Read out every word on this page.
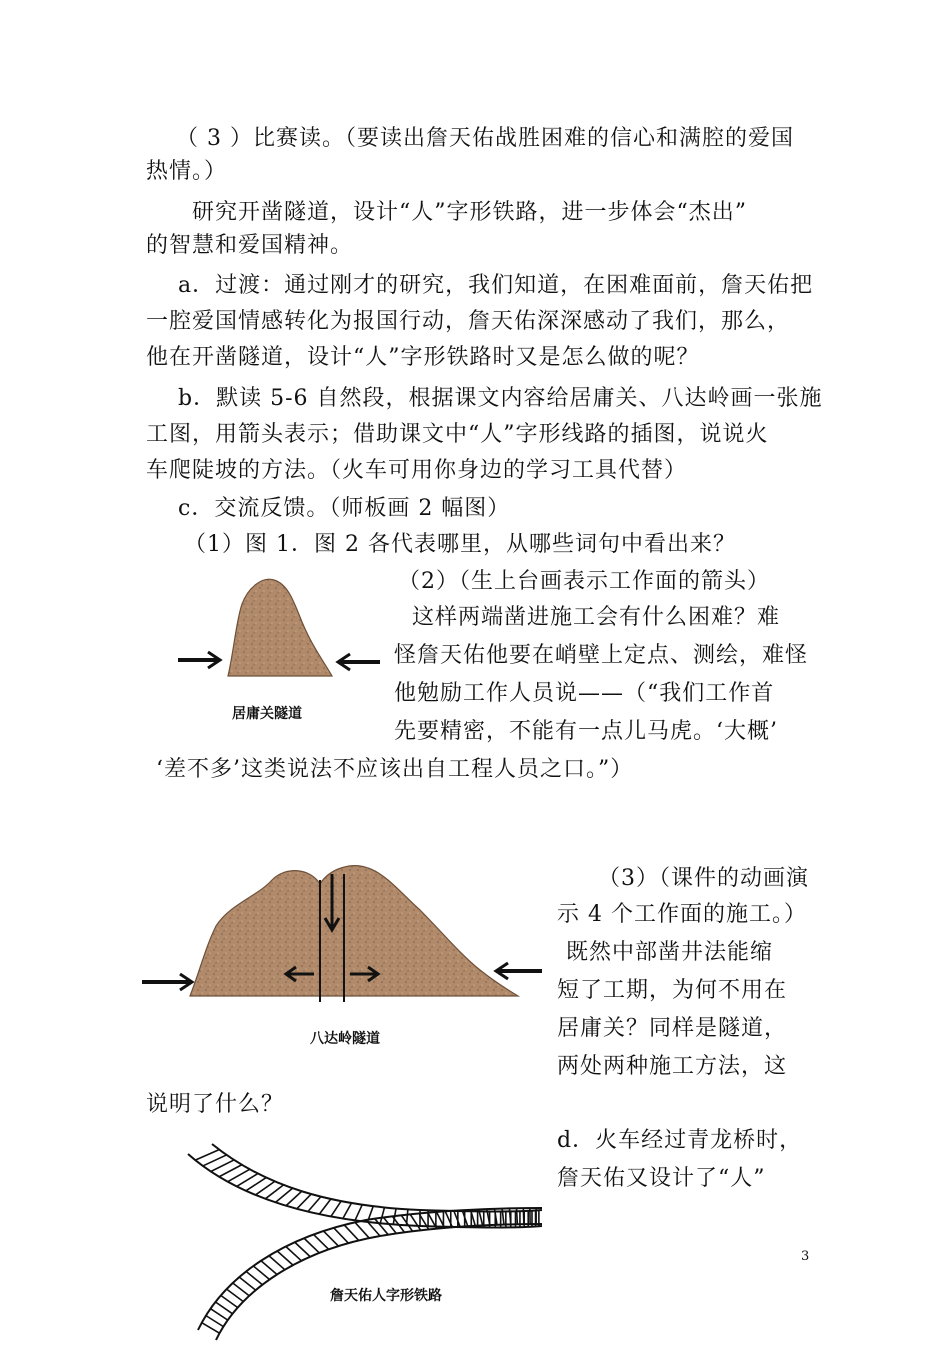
（ 3 ）比赛读。（要读出詹天佑战胜困难的信心和满腔的爱国
热情。）
研究开凿隧道，设计“人”字形铁路，进一步体会“杰出”
的智慧和爱国精神。
a．过渡：通过刚才的研究，我们知道，在困难面前，詹天佑把
一腔爱国情感转化为报国行动，詹天佑深深感动了我们，那么，
他在开凿隧道，设计“人”字形铁路时又是怎么做的呢？
b．默读 5-6 自然段，根据课文内容给居庸关、八达岭画一张施
工图，用箭头表示；借助课文中“人”字形线路的插图，说说火
车爬陡坡的方法。（火车可用你身边的学习工具代替）
c．交流反馈。（师板画 2 幅图）
（1）图 1．图 2 各代表哪里，从哪些词句中看出来？
（2）（生上台画表示工作面的箭头）
这样两端凿进施工会有什么困难？难
怪詹天佑他要在峭壁上定点、测绘，难怪
他勉励工作人员说——（“我们工作首
先要精密，不能有一点儿马虎。‘大概’
‘差不多’这类说法不应该出自工程人员之口。”）
（3）（课件的动画演
示 4 个工作面的施工。）
既然中部凿井法能缩
短了工期，为何不用在
居庸关？同样是隧道，
两处两种施工方法，这
说明了什么？
d．火车经过青龙桥时，
詹天佑又设计了“人”
居庸关隧道
八达岭隧道
詹天佑人字形铁路
3
